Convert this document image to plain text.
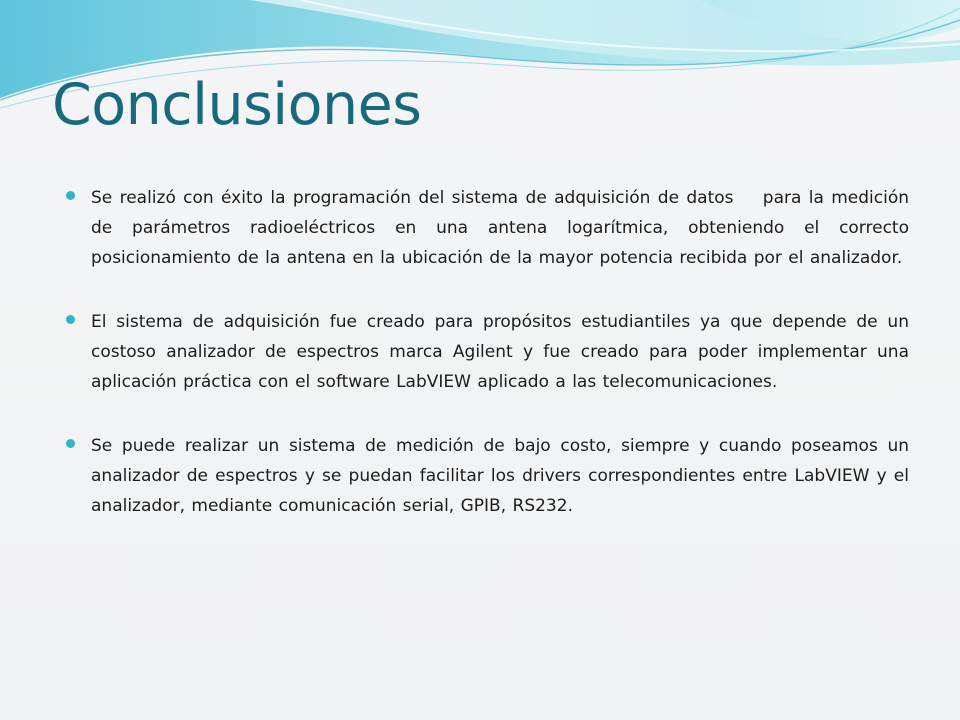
Conclusiones
Se realizó con éxito la programación del sistema de adquisición de datos    para la medición de parámetros radioeléctricos en una antena logarítmica, obteniendo el correcto posicionamiento de la antena en la ubicación de la mayor potencia recibida por el analizador.
El sistema de adquisición fue creado para propósitos estudiantiles ya que depende de un costoso analizador de espectros marca Agilent y fue creado para poder implementar una aplicación práctica con el software LabVIEW aplicado a las telecomunicaciones.
Se puede realizar un sistema de medición de bajo costo, siempre y cuando poseamos un analizador de espectros y se puedan facilitar los drivers correspondientes entre LabVIEW y el analizador, mediante comunicación serial, GPIB, RS232.
